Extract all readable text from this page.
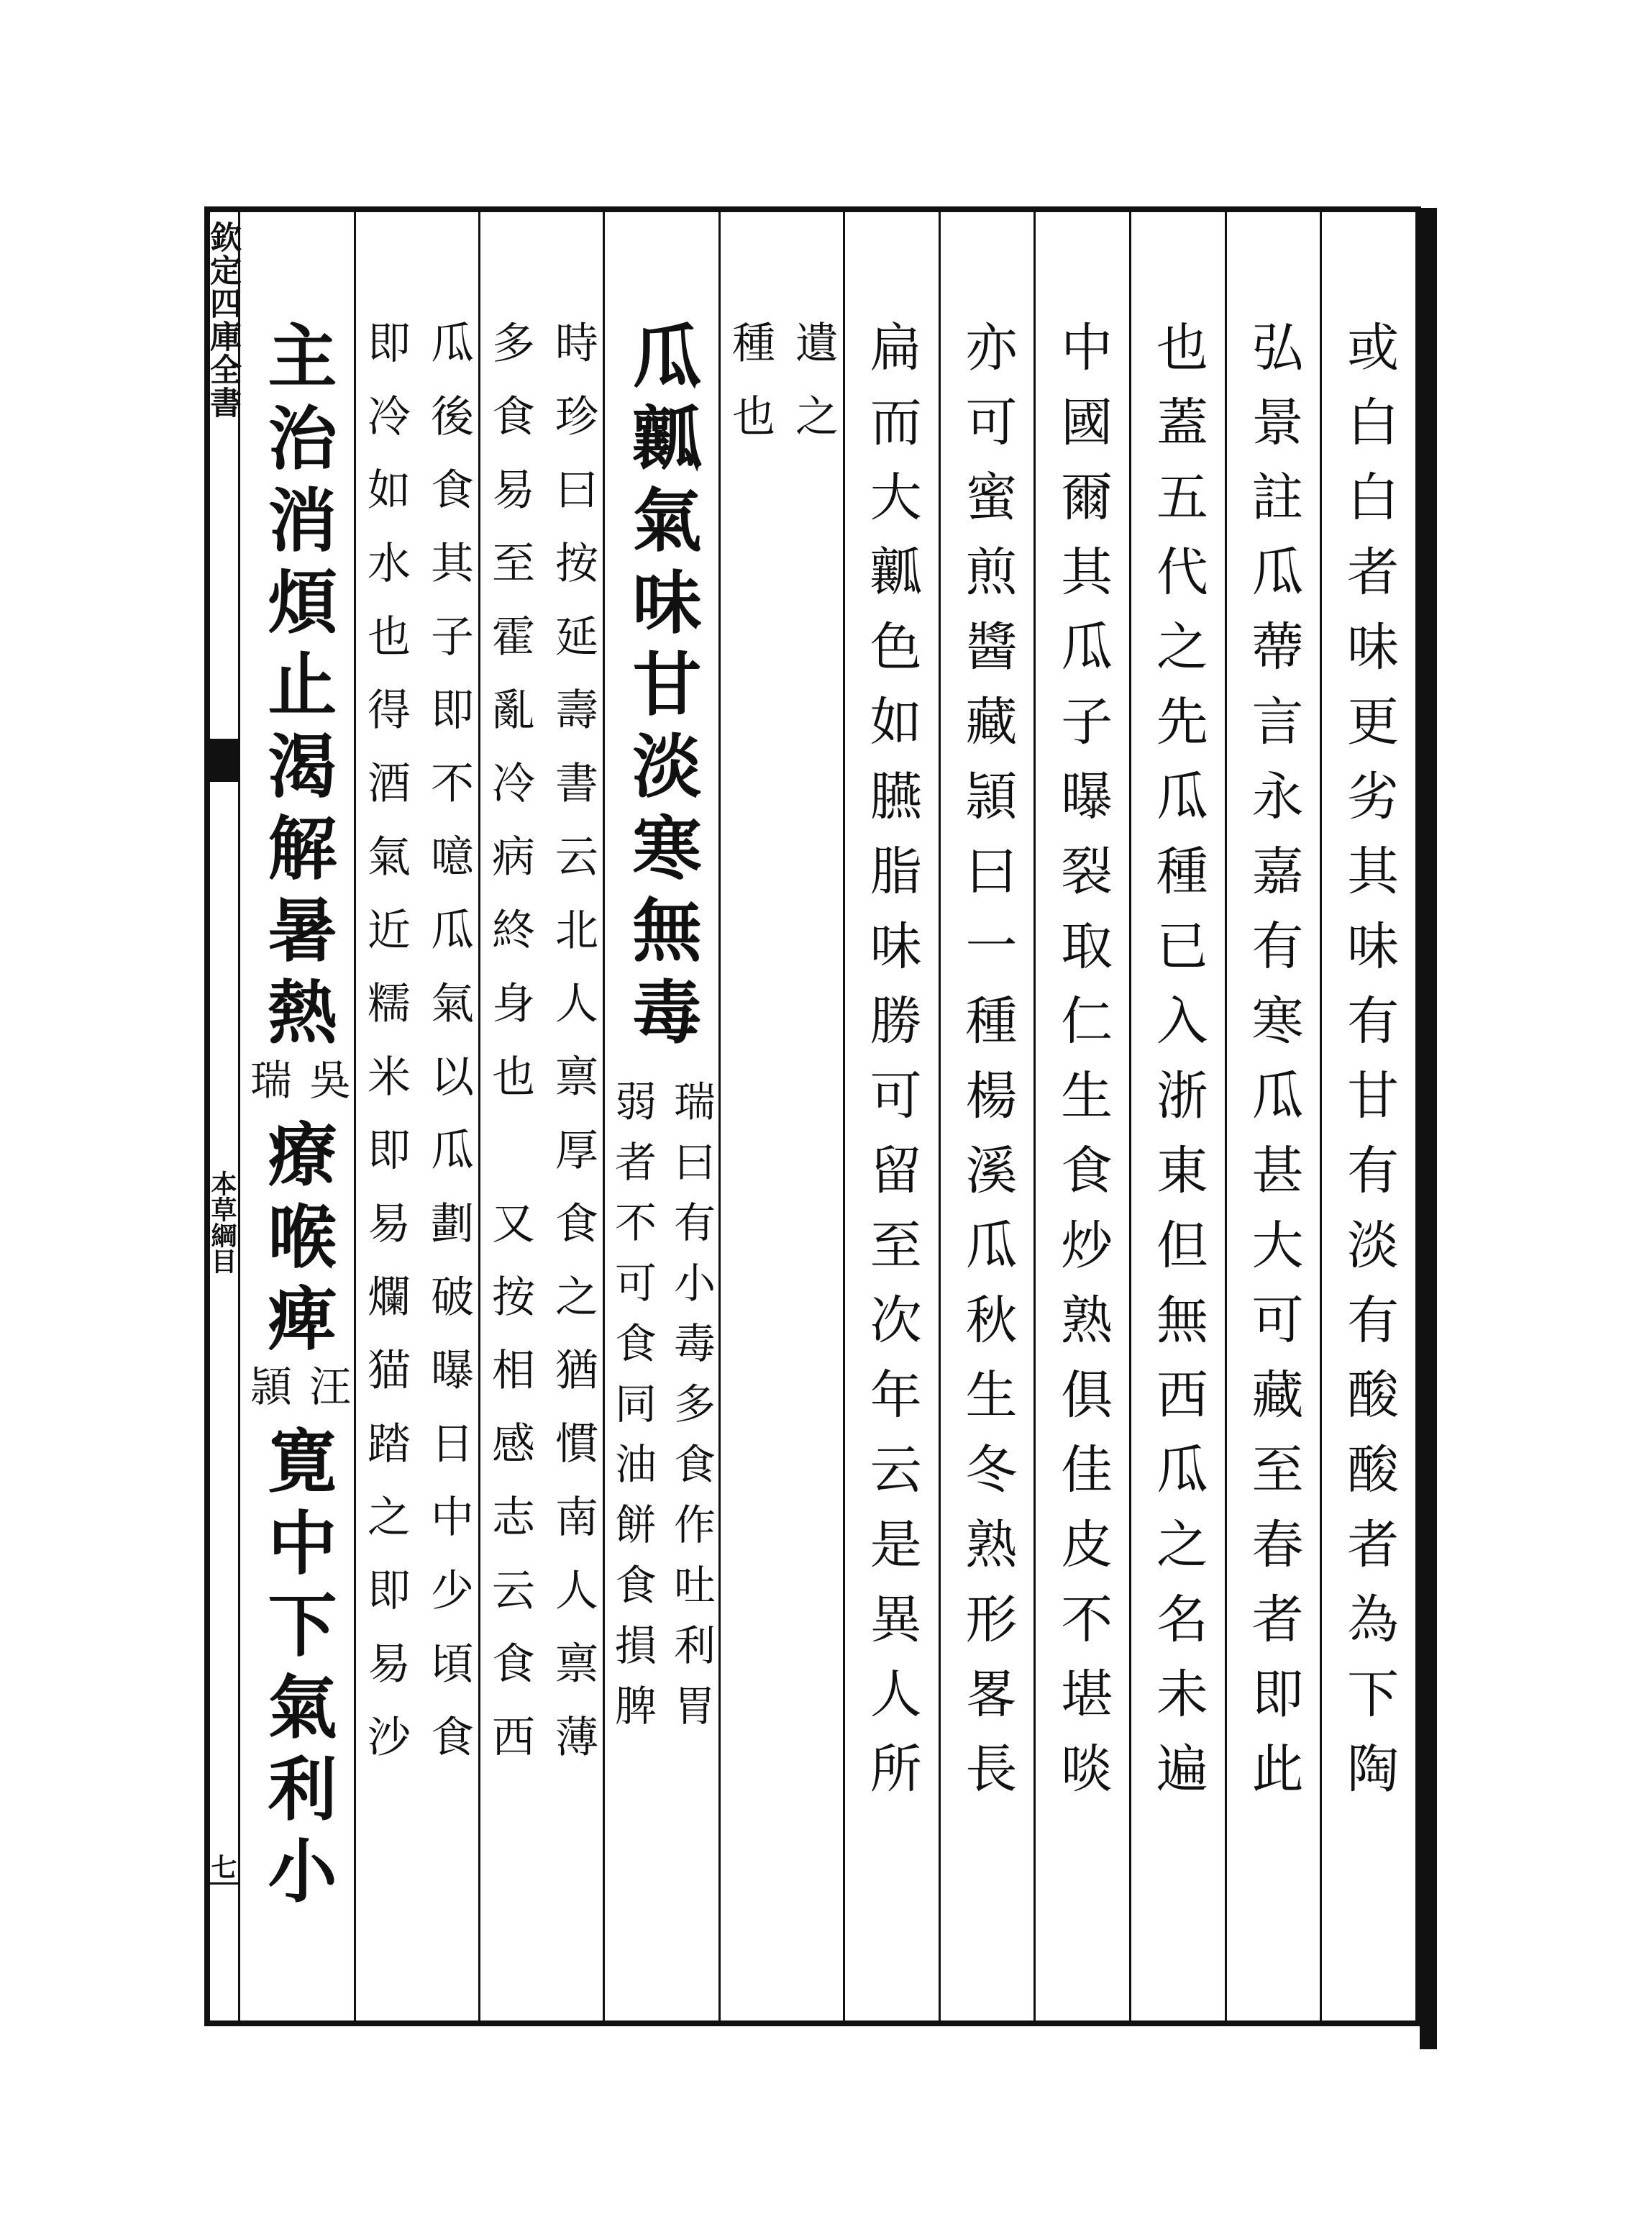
欽定四庫全書
本草綱目
七
或白白者味更劣其味有甘有淡有酸酸者為下陶
弘景註瓜蔕言永嘉有寒瓜甚大可藏至春者即此
也蓋五代之先瓜種已入浙東但無西瓜之名未遍
中國爾其瓜子曝裂取仁生食炒熟俱佳皮不堪啖
亦可蜜煎醬藏頴曰一種楊溪瓜秋生冬熟形畧長
扁而大瓤色如臙脂味勝可留至次年云是異人所
遺之
種也
瓜瓤氣味甘淡寒無毒
瑞曰有小毒多食作吐利胃
弱者不可食同油餅食損脾
時珍曰按延壽書云北人禀厚食之猶慣南人禀薄
多食易至霍亂冷病終身也　又按相感志云食西
瓜後食其子即不噫瓜氣以瓜劃破曝日中少頃食
即冷如水也得酒氣近糯米即易爛猫踏之即易沙
主治消煩止渴解暑熱
吳
瑞
療喉痺
汪
頴
寛中下氣利小
